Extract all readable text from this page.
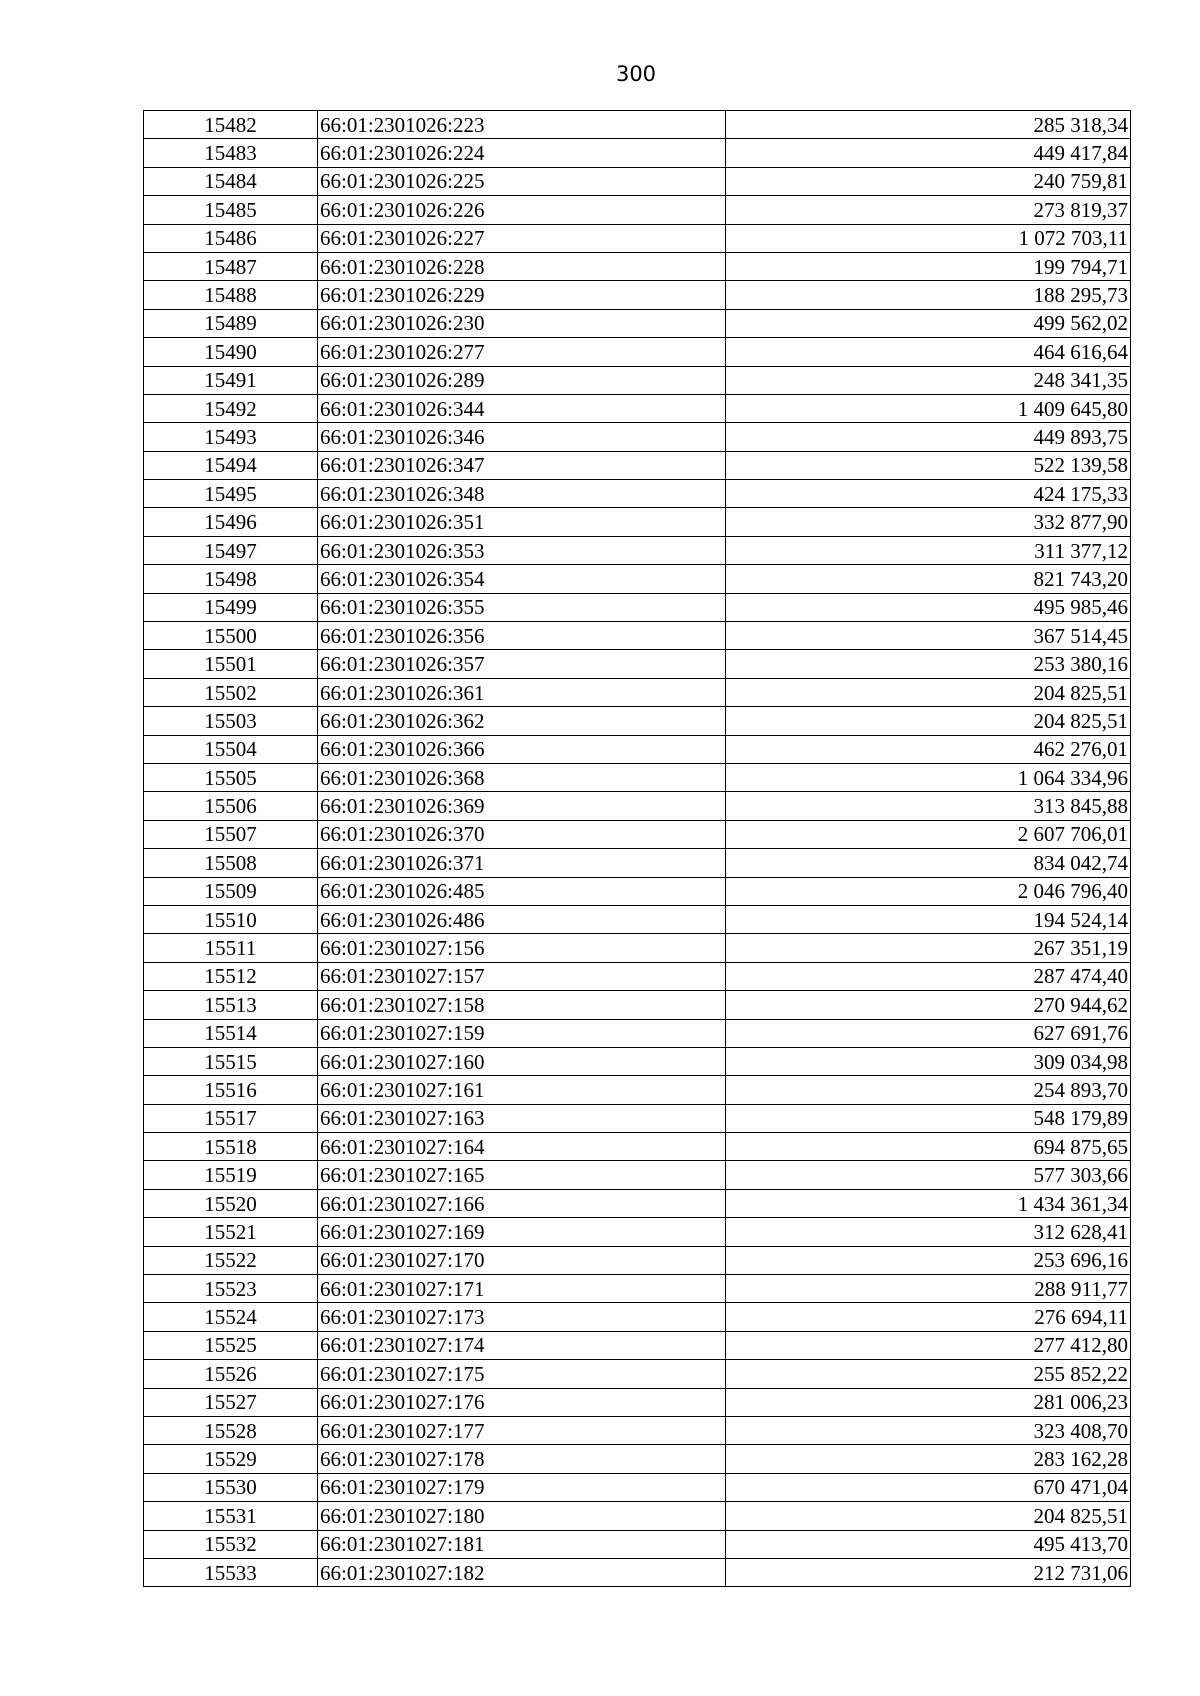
300
15482	66:01:2301026:223	285 318,34
15483	66:01:2301026:224	449 417,84
15484	66:01:2301026:225	240 759,81
15485	66:01:2301026:226	273 819,37
15486	66:01:2301026:227	1 072 703,11
15487	66:01:2301026:228	199 794,71
15488	66:01:2301026:229	188 295,73
15489	66:01:2301026:230	499 562,02
15490	66:01:2301026:277	464 616,64
15491	66:01:2301026:289	248 341,35
15492	66:01:2301026:344	1 409 645,80
15493	66:01:2301026:346	449 893,75
15494	66:01:2301026:347	522 139,58
15495	66:01:2301026:348	424 175,33
15496	66:01:2301026:351	332 877,90
15497	66:01:2301026:353	311 377,12
15498	66:01:2301026:354	821 743,20
15499	66:01:2301026:355	495 985,46
15500	66:01:2301026:356	367 514,45
15501	66:01:2301026:357	253 380,16
15502	66:01:2301026:361	204 825,51
15503	66:01:2301026:362	204 825,51
15504	66:01:2301026:366	462 276,01
15505	66:01:2301026:368	1 064 334,96
15506	66:01:2301026:369	313 845,88
15507	66:01:2301026:370	2 607 706,01
15508	66:01:2301026:371	834 042,74
15509	66:01:2301026:485	2 046 796,40
15510	66:01:2301026:486	194 524,14
15511	66:01:2301027:156	267 351,19
15512	66:01:2301027:157	287 474,40
15513	66:01:2301027:158	270 944,62
15514	66:01:2301027:159	627 691,76
15515	66:01:2301027:160	309 034,98
15516	66:01:2301027:161	254 893,70
15517	66:01:2301027:163	548 179,89
15518	66:01:2301027:164	694 875,65
15519	66:01:2301027:165	577 303,66
15520	66:01:2301027:166	1 434 361,34
15521	66:01:2301027:169	312 628,41
15522	66:01:2301027:170	253 696,16
15523	66:01:2301027:171	288 911,77
15524	66:01:2301027:173	276 694,11
15525	66:01:2301027:174	277 412,80
15526	66:01:2301027:175	255 852,22
15527	66:01:2301027:176	281 006,23
15528	66:01:2301027:177	323 408,70
15529	66:01:2301027:178	283 162,28
15530	66:01:2301027:179	670 471,04
15531	66:01:2301027:180	204 825,51
15532	66:01:2301027:181	495 413,70
15533	66:01:2301027:182	212 731,06
